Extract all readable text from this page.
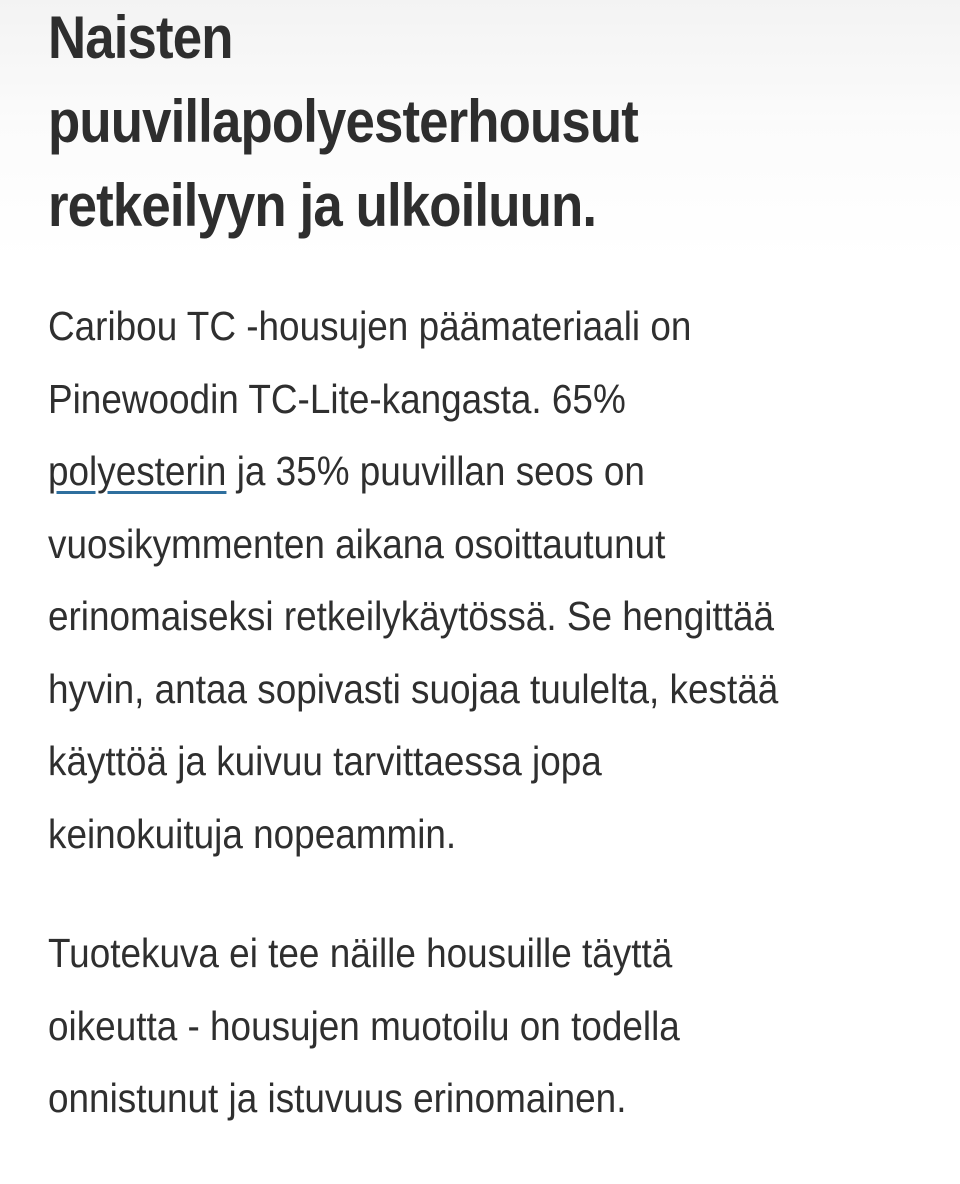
Naisten
puuvillapolyesterhousut
retkeilyyn ja ulkoiluun.

Caribou TC -housujen päämateriaali on
Pinewoodin TC-Lite-kangasta. 65%
polyesterin ja 35% puuvillan seos on
vuosikymmenten aikana osoittautunut
erinomaiseksi retkeilykäytössä. Se hengittää
hyvin, antaa sopivasti suojaa tuulelta, kestää
käyttöä ja kuivuu tarvittaessa jopa
keinokuituja nopeammin.

Tuotekuva ei tee näille housuille täyttä
oikeutta - housujen muotoilu on todella
onnistunut ja istuvuus erinomainen.
